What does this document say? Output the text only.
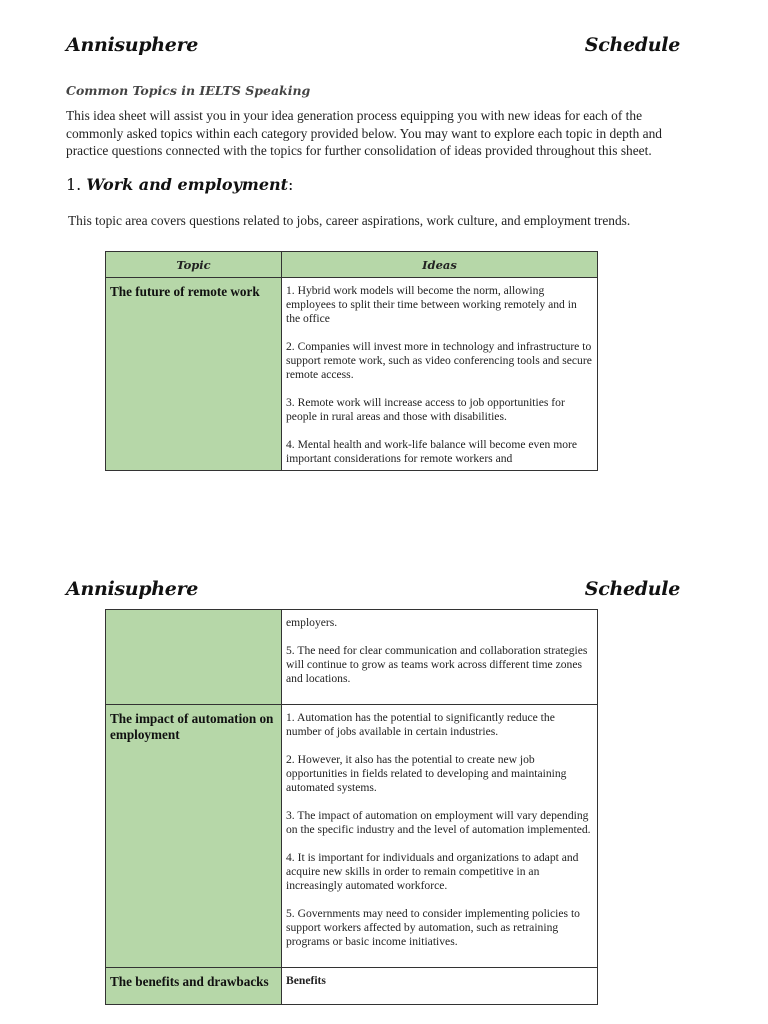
Annisuphere	Schedule
Common Topics in IELTS Speaking
This idea sheet will assist you in your idea generation process equipping you with new ideas for each of the commonly asked topics within each category provided below. You may want to explore each topic in depth and practice questions connected with the topics for further consolidation of ideas provided throughout this sheet.
1. Work and employment:
This topic area covers questions related to jobs, career aspirations, work culture, and employment trends.
Topic	Ideas
The future of remote work	1. Hybrid work models will become the norm, allowing employees to split their time between working remotely and in the office

2. Companies will invest more in technology and infrastructure to support remote work, such as video conferencing tools and secure remote access.

3. Remote work will increase access to job opportunities for people in rural areas and those with disabilities.

4. Mental health and work-life balance will become even more important considerations for remote workers and

Annisuphere	Schedule

	employers.

5. The need for clear communication and collaboration strategies will continue to grow as teams work across different time zones and locations.

The impact of automation on employment	1. Automation has the potential to significantly reduce the number of jobs available in certain industries.

2. However, it also has the potential to create new job opportunities in fields related to developing and maintaining automated systems.

3. The impact of automation on employment will vary depending on the specific industry and the level of automation implemented.

4. It is important for individuals and organizations to adapt and acquire new skills in order to remain competitive in an increasingly automated workforce.

5. Governments may need to consider implementing policies to support workers affected by automation, such as retraining programs or basic income initiatives.

The benefits and drawbacks	Benefits
